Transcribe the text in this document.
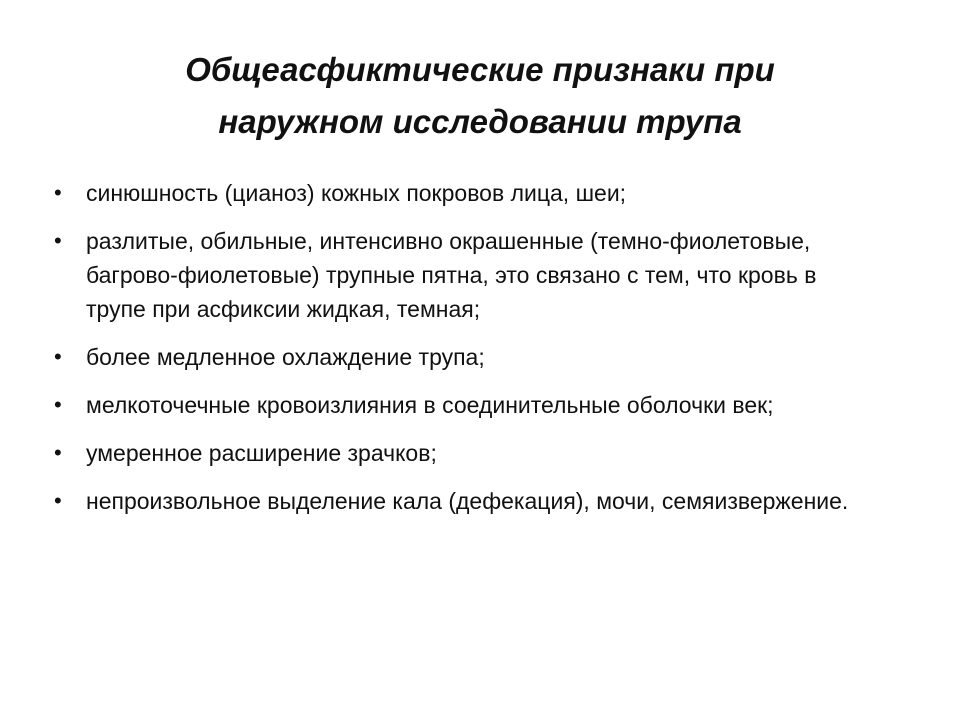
Общеасфиктические признаки при
наружном исследовании трупа
• синюшность (цианоз) кожных покровов лица, шеи;
• разлитые, обильные, интенсивно окрашенные (темно-фиолетовые, багрово-фиолетовые) трупные пятна, это связано с тем, что кровь в трупе при асфиксии жидкая, темная;
• более медленное охлаждение трупа;
• мелкоточечные кровоизлияния в соединительные оболочки век;
• умеренное расширение зрачков;
• непроизвольное выделение кала (дефекация), мочи, семяизвержение.
